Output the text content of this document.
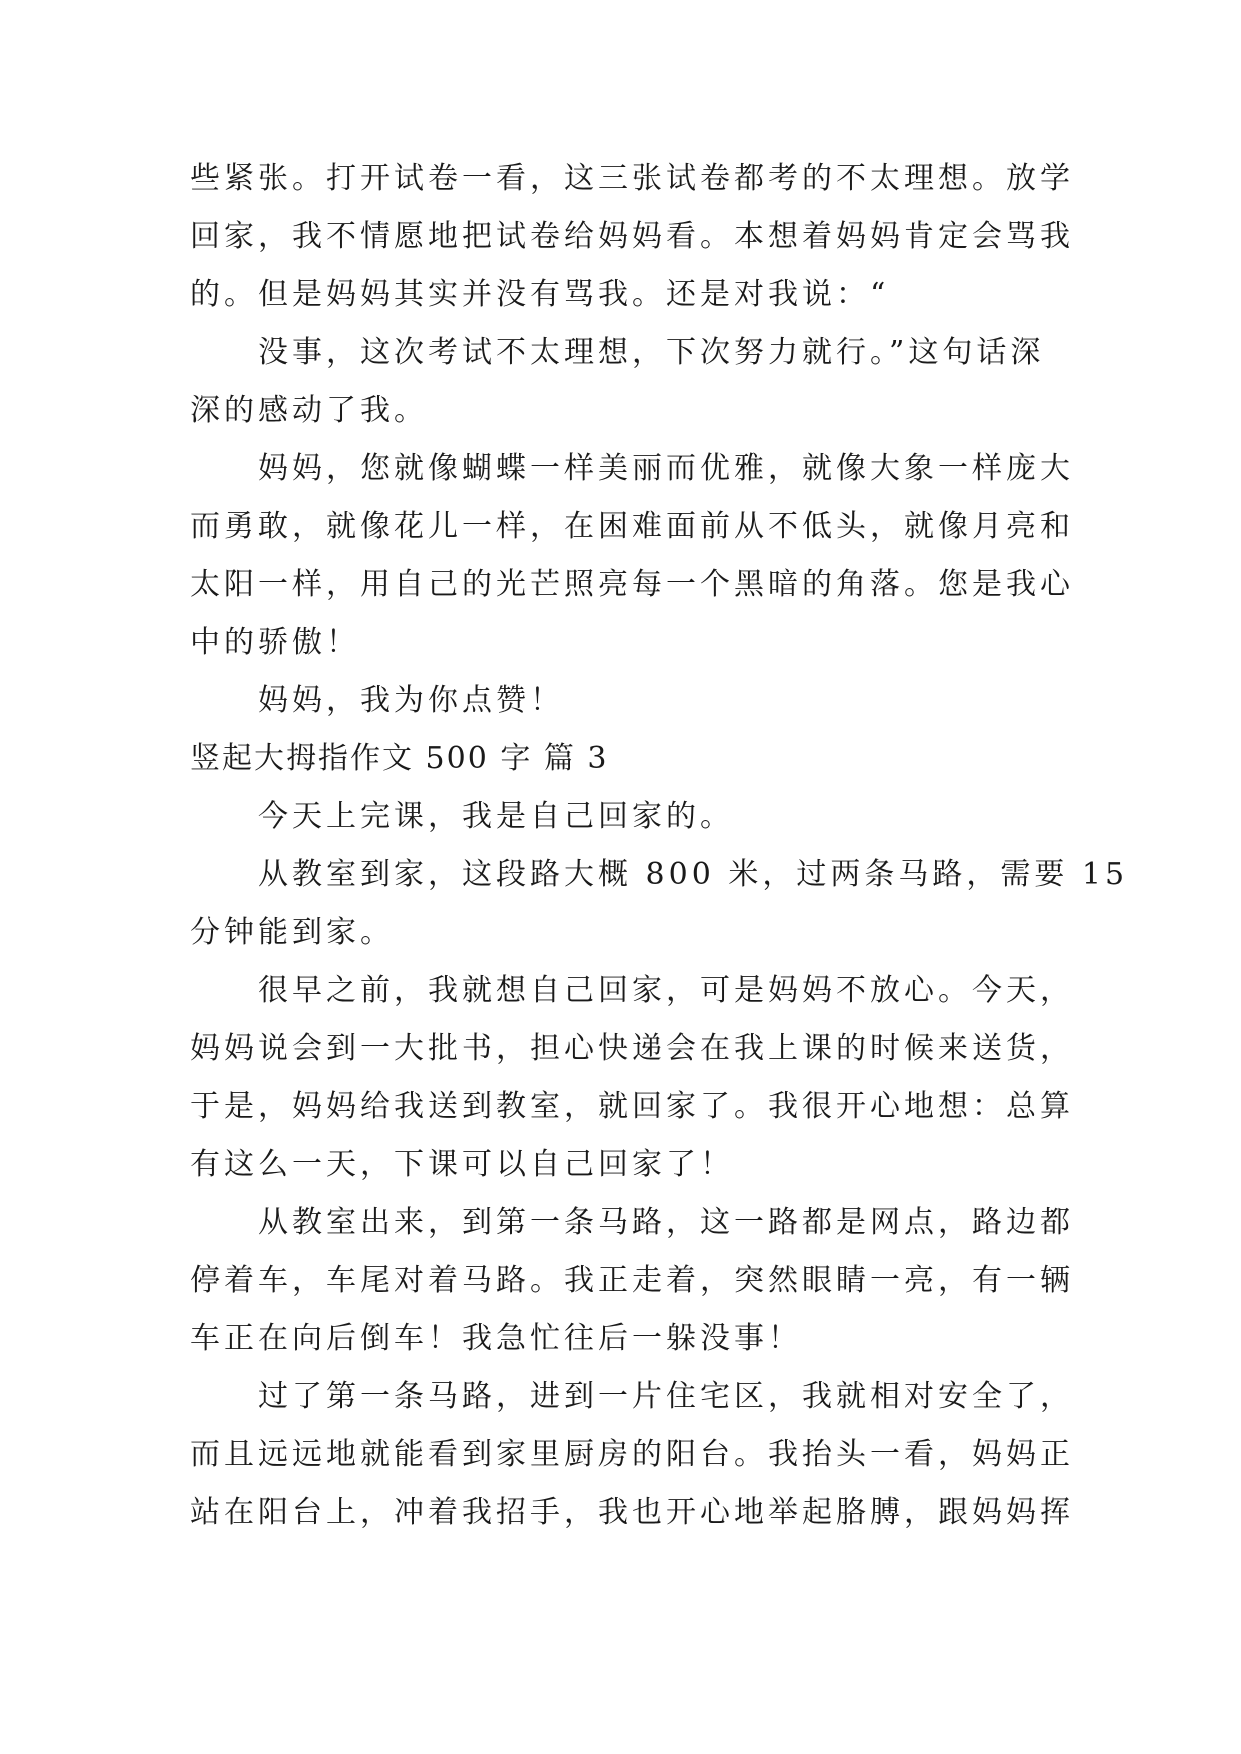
些紧张。打开试卷一看，这三张试卷都考的不太理想。放学
回家，我不情愿地把试卷给妈妈看。本想着妈妈肯定会骂我
的。但是妈妈其实并没有骂我。还是对我说：“
没事，这次考试不太理想，下次努力就行。”这句话深
深的感动了我。
妈妈，您就像蝴蝶一样美丽而优雅，就像大象一样庞大
而勇敢，就像花儿一样，在困难面前从不低头，就像月亮和
太阳一样，用自己的光芒照亮每一个黑暗的角落。您是我心
中的骄傲！
妈妈，我为你点赞！
竖起大拇指作文 500 字 篇 3
今天上完课，我是自己回家的。
从教室到家，这段路大概 800 米，过两条马路，需要 15
分钟能到家。
很早之前，我就想自己回家，可是妈妈不放心。今天，
妈妈说会到一大批书，担心快递会在我上课的时候来送货，
于是，妈妈给我送到教室，就回家了。我很开心地想：总算
有这么一天，下课可以自己回家了！
从教室出来，到第一条马路，这一路都是网点，路边都
停着车，车尾对着马路。我正走着，突然眼睛一亮，有一辆
车正在向后倒车！我急忙往后一躲没事！
过了第一条马路，进到一片住宅区，我就相对安全了，
而且远远地就能看到家里厨房的阳台。我抬头一看，妈妈正
站在阳台上，冲着我招手，我也开心地举起胳膊，跟妈妈挥
